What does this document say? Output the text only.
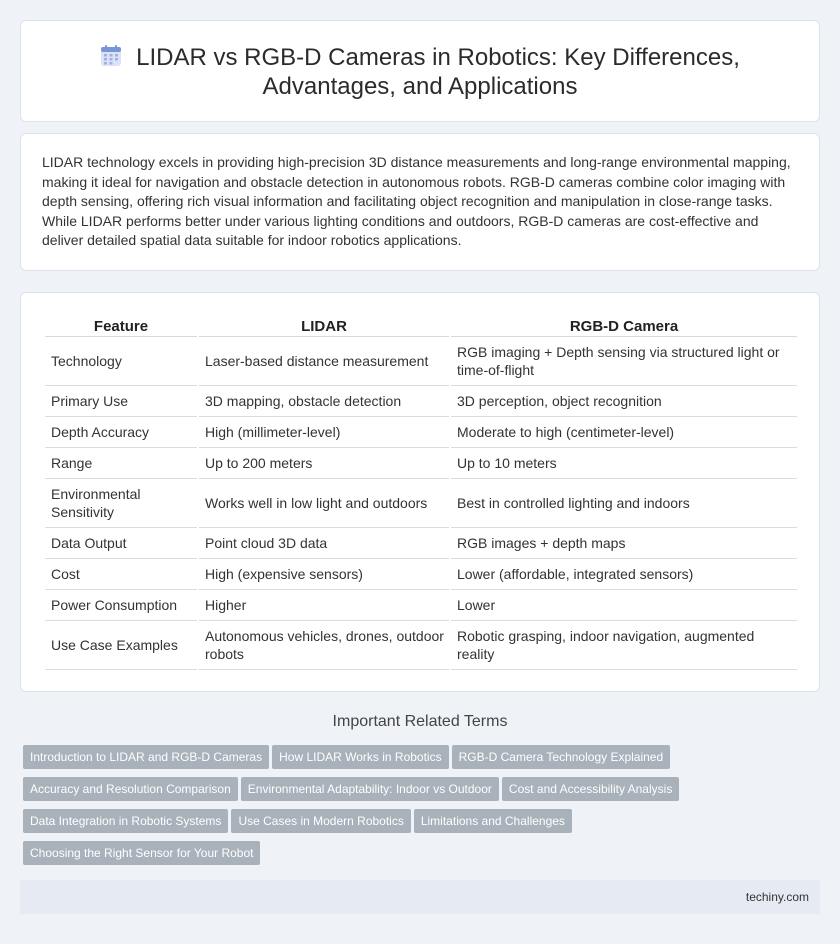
LIDAR vs RGB-D Cameras in Robotics: Key Differences,
Advantages, and Applications

LIDAR technology excels in providing high-precision 3D distance measurements and long-range environmental mapping, making it ideal for navigation and obstacle detection in autonomous robots. RGB-D cameras combine color imaging with depth sensing, offering rich visual information and facilitating object recognition and manipulation in close-range tasks. While LIDAR performs better under various lighting conditions and outdoors, RGB-D cameras are cost-effective and deliver detailed spatial data suitable for indoor robotics applications.

Feature	LIDAR	RGB-D Camera
Technology	Laser-based distance measurement	RGB imaging + Depth sensing via structured light or time-of-flight
Primary Use	3D mapping, obstacle detection	3D perception, object recognition
Depth Accuracy	High (millimeter-level)	Moderate to high (centimeter-level)
Range	Up to 200 meters	Up to 10 meters
Environmental Sensitivity	Works well in low light and outdoors	Best in controlled lighting and indoors
Data Output	Point cloud 3D data	RGB images + depth maps
Cost	High (expensive sensors)	Lower (affordable, integrated sensors)
Power Consumption	Higher	Lower
Use Case Examples	Autonomous vehicles, drones, outdoor robots	Robotic grasping, indoor navigation, augmented reality
Important Related Terms
Introduction to LIDAR and RGB-D Cameras How LIDAR Works in Robotics RGB-D Camera Technology Explained
Accuracy and Resolution Comparison Environmental Adaptability: Indoor vs Outdoor Cost and Accessibility Analysis
Data Integration in Robotic Systems Use Cases in Modern Robotics Limitations and Challenges
Choosing the Right Sensor for Your Robot
techiny.com
